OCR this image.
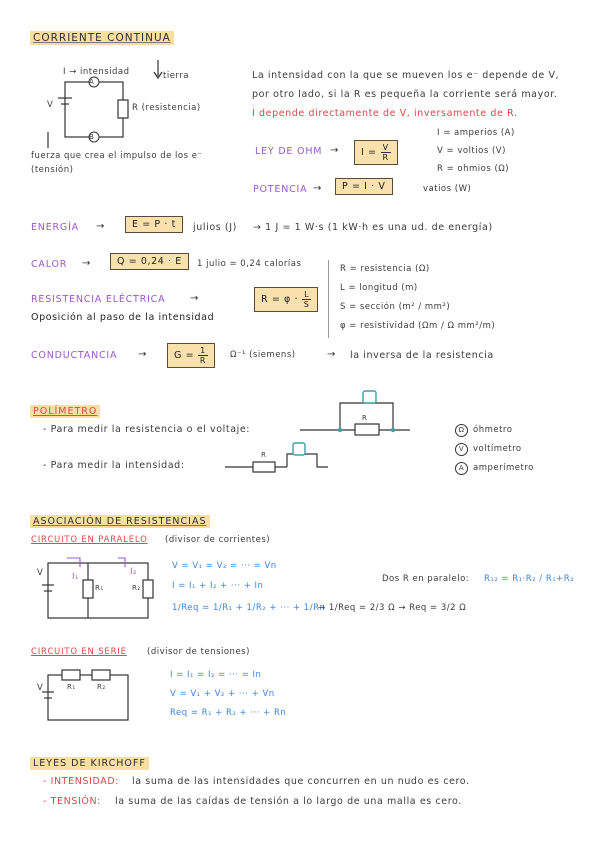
CORRIENTE CONTINUA
I → intensidad	tierra
V	R (resistencia)
A
B
fuerza que crea el impulso de los e⁻
(tensión)
La intensidad con la que se mueven los e⁻ depende de V,
por otro lado, si la R es pequeña la corriente será mayor.
I depende directamente de V, inversamente de R.
LEY DE OHM → $I = \frac{V}{R}$
I = amperios (A)
V = voltios (V)
R = ohmios (Ω)
POTENCIA →	P = I · V	vatios (W)
ENERGÍA →	E = P · t	julios (J) → 1 J = 1 W·s (1 kW·h es una ud. de energía)
CALOR →	Q = 0,24 · E	1 julio = 0,24 calorías
RESISTENCIA ELÉCTRICA →
Oposición al paso de la intensidad
$R = \varphi \cdot \frac{L}{S}$
R = resistencia (Ω)
L = longitud (m)
S = sección (m² / mm²)
φ = resistividad (Ωm / Ω mm²/m)
CONDUCTANCIA →	$G = \frac{1}{R}$	Ω⁻¹ (siemens)	→ la inversa de la resistencia
POLÍMETRO
- Para medir la resistencia o el voltaje:
- Para medir la intensidad:
R
R
Ω	óhmetro
V	voltímetro
A	amperímetro
ASOCIACIÓN DE RESISTENCIAS
CIRCUITO EN PARALELO (divisor de corrientes)
V	I₁	I₂
R₁	R₂
V = V₁ = V₂ = ··· = Vn
I = I₁ + I₂ + ··· + In
1/Req = 1/R₁ + 1/R₂ + ··· + 1/Rn
→ 1/Req = 2/3 Ω → Req = 3/2 Ω
Dos R en paralelo: R₁₂ = R₁·R₂ / R₁+R₂
CIRCUITO EN SERIE (divisor de tensiones)
V	R₁	R₂
I = I₁ = I₂ = ··· = In
V = V₁ + V₂ + ··· + Vn
Req = R₁ + R₂ + ··· + Rn
LEYES DE KIRCHOFF
- INTENSIDAD: la suma de las intensidades que concurren en un nudo es cero.
- TENSIÓN: la suma de las caídas de tensión a lo largo de una malla es cero.
